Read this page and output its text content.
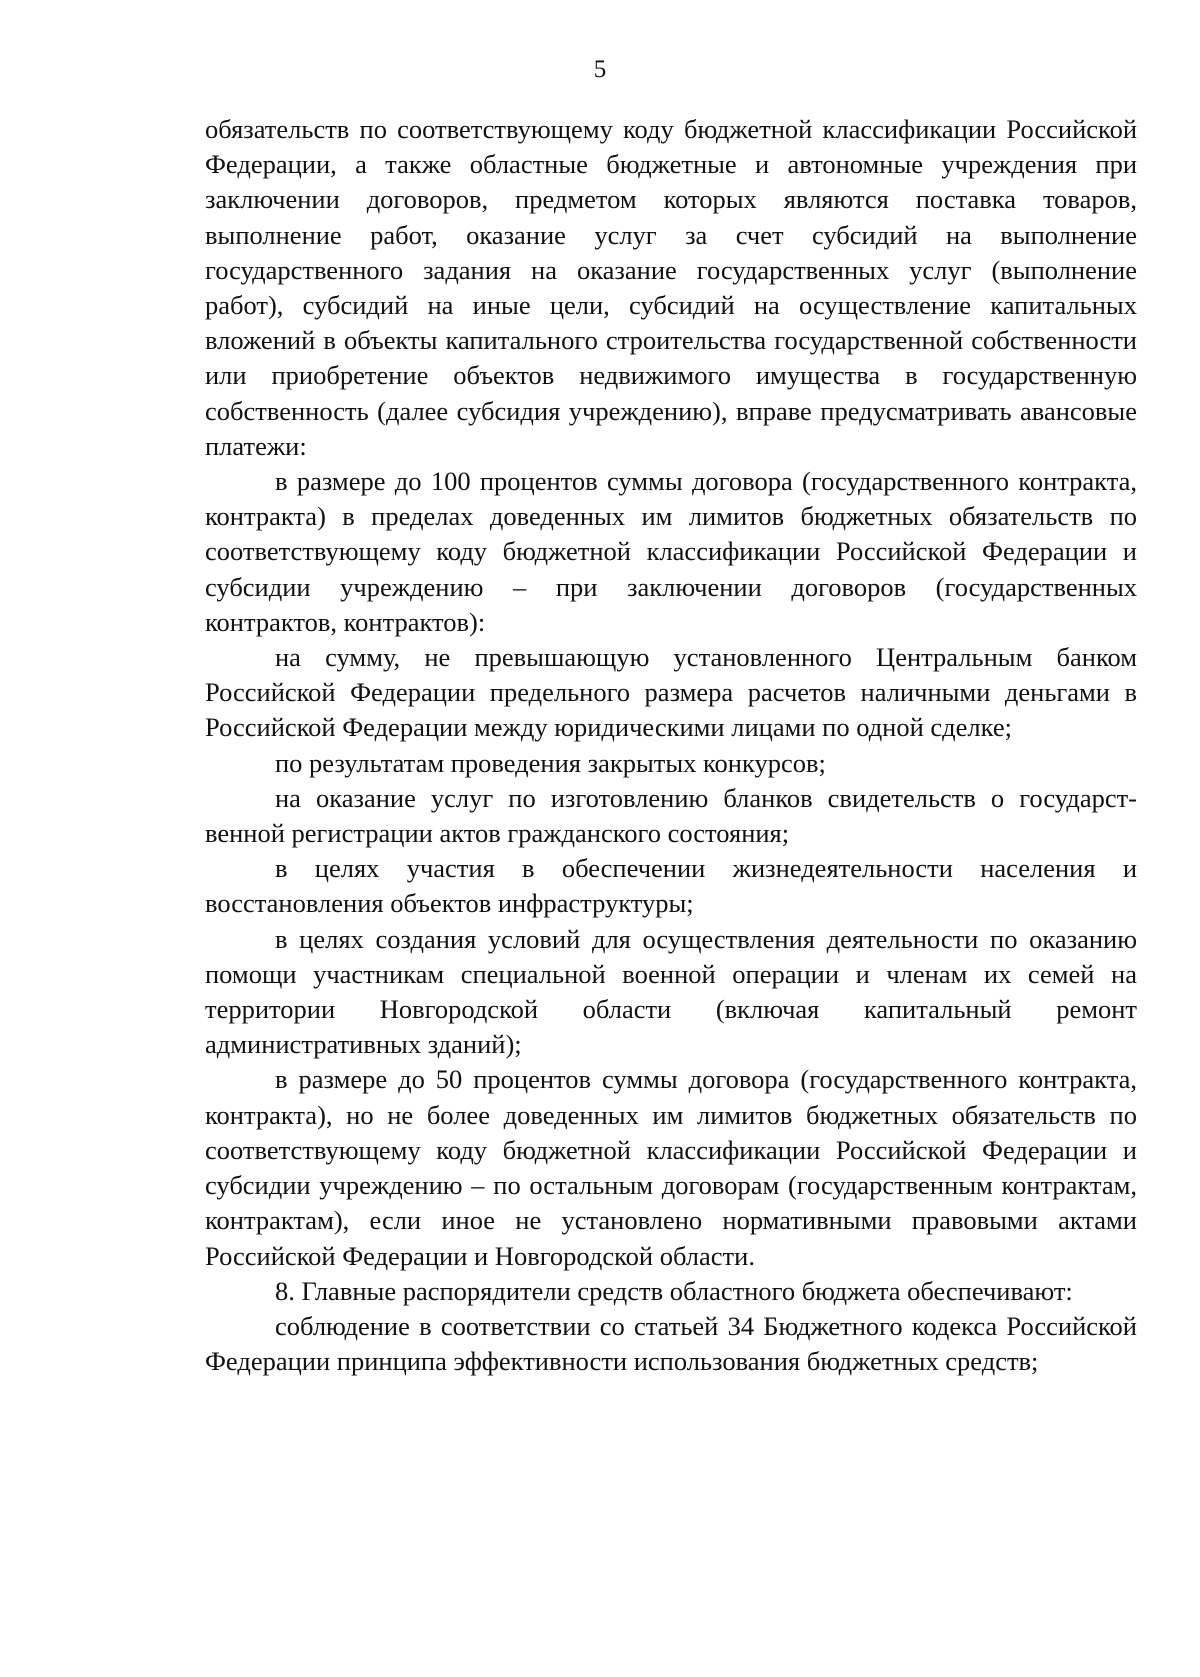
5

обязательств по соответствующему коду бюджетной классификации Российской Федерации, а также областные бюджетные и автономные учреждения при заключении договоров, предметом которых являются поставка товаров, выполнение работ, оказание услуг за счет субсидий на выполнение государственного задания на оказание государственных услуг (выполнение работ), субсидий на иные цели, субсидий на осуществление капитальных вложений в объекты капитального строительства государственной собственности или приобретение объектов недвижимого имущества в государственную собственность (далее субсидия учреждению), вправе предусматривать авансовые платежи:

в размере до 100 процентов суммы договора (государственного контракта, контракта) в пределах доведенных им лимитов бюджетных обязательств по соответствующему коду бюджетной классификации Российской Федерации и субсидии учреждению – при заключении договоров (государственных контрактов, контрактов):

на сумму, не превышающую установленного Центральным банком Российской Федерации предельного размера расчетов наличными деньгами в Российской Федерации между юридическими лицами по одной сделке;

по результатам проведения закрытых конкурсов;

на оказание услуг по изготовлению бланков свидетельств о государст-венной регистрации актов гражданского состояния;

в целях участия в обеспечении жизнедеятельности населения и восстановления объектов инфраструктуры;

в целях создания условий для осуществления деятельности по оказанию помощи участникам специальной военной операции и членам их семей на территории Новгородской области (включая капитальный ремонт административных зданий);

в размере до 50 процентов суммы договора (государственного контракта, контракта), но не более доведенных им лимитов бюджетных обязательств по соответствующему коду бюджетной классификации Российской Федерации и субсидии учреждению – по остальным договорам (государственным контрактам, контрактам), если иное не установлено нормативными правовыми актами Российской Федерации и Новгородской области.

8. Главные распорядители средств областного бюджета обеспечивают:

соблюдение в соответствии со статьей 34 Бюджетного кодекса Российской Федерации принципа эффективности использования бюджетных средств;
